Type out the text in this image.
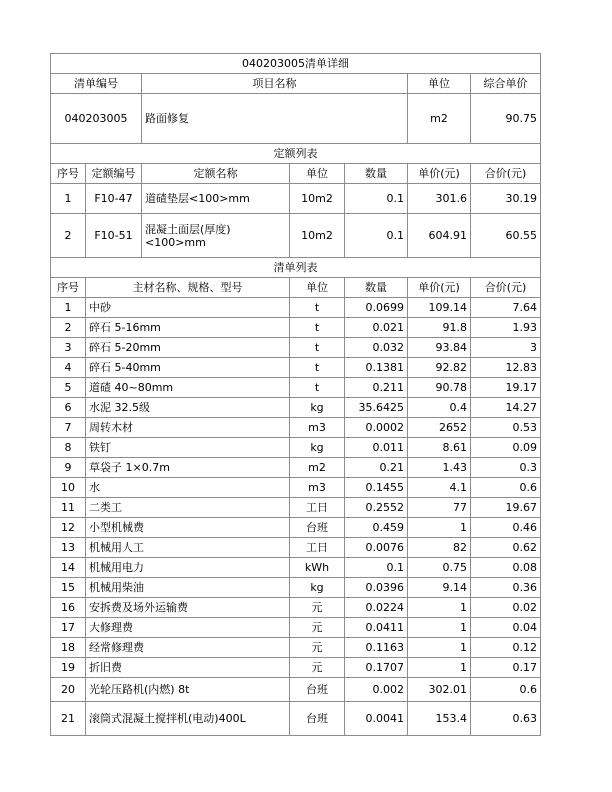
040203005清单详细						
清单编号		项目名称			单位	综合单价
040203005		路面修复			m2	90.75
定额列表						
序号	定额编号	定额名称	单位	数量	单价(元)	合价(元)
1	F10-47	道碴垫层<100>mm	10m2	0.1	301.6	30.19
2	F10-51	混凝土面层(厚度)<100>mm	10m2	0.1	604.91	60.55
清单列表						
序号	主材名称、规格、型号		单位	数量	单价(元)	合价(元)
1	中砂		t	0.0699	109.14	7.64
2	碎石 5-16mm		t	0.021	91.8	1.93
3	碎石 5-20mm		t	0.032	93.84	3
4	碎石 5-40mm		t	0.1381	92.82	12.83
5	道碴 40~80mm		t	0.211	90.78	19.17
6	水泥 32.5级		kg	35.6425	0.4	14.27
7	周转木材		m3	0.0002	2652	0.53
8	铁钉		kg	0.011	8.61	0.09
9	草袋子 1×0.7m		m2	0.21	1.43	0.3
10	水		m3	0.1455	4.1	0.6
11	二类工		工日	0.2552	77	19.67
12	小型机械费		台班	0.459	1	0.46
13	机械用人工		工日	0.0076	82	0.62
14	机械用电力		kWh	0.1	0.75	0.08
15	机械用柴油		kg	0.0396	9.14	0.36
16	安拆费及场外运输费		元	0.0224	1	0.02
17	大修理费		元	0.0411	1	0.04
18	经常修理费		元	0.1163	1	0.12
19	折旧费		元	0.1707	1	0.17
20	光轮压路机(内燃) 8t		台班	0.002	302.01	0.6
21	滚筒式混凝土搅拌机(电动)400L		台班	0.0041	153.4	0.63
